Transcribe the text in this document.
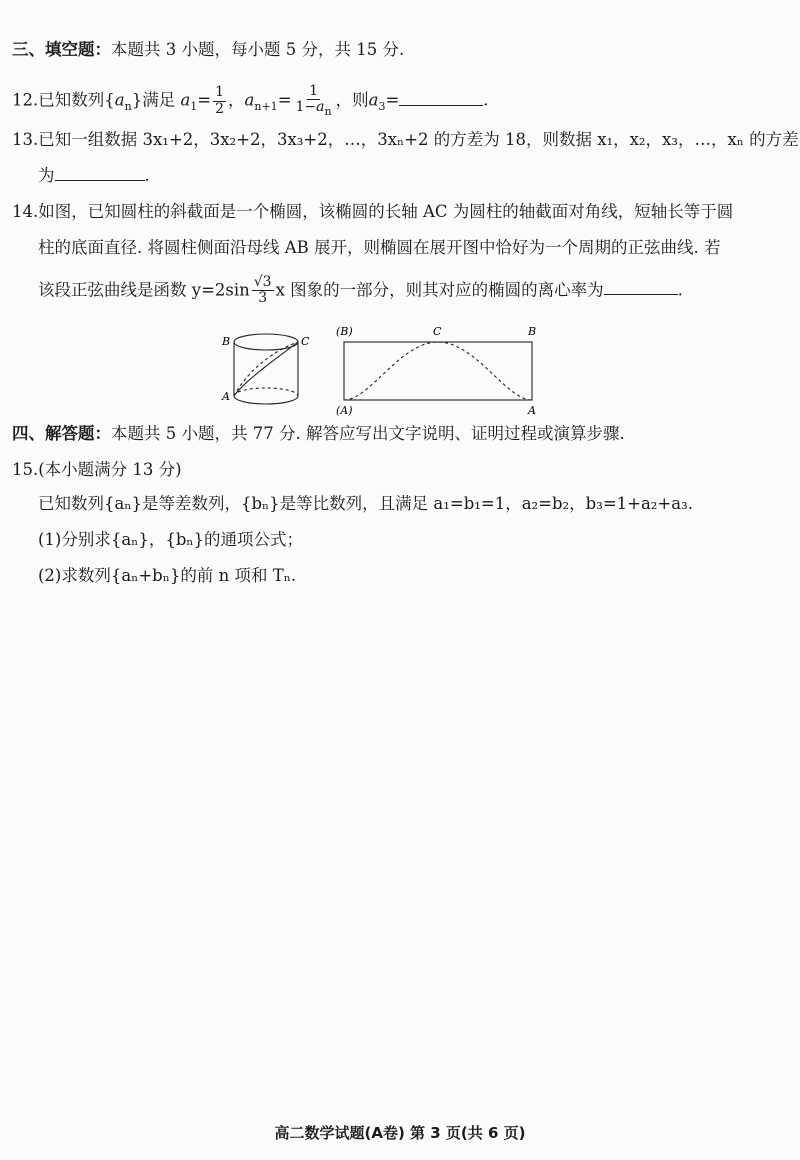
三、填空题：本题共 3 小题，每小题 5 分，共 15 分.
12.已知数列$\{a_n\}$满足 $a_1= \frac{1}{2}$ ，$a_{n+1}= \frac{1}{1-a_n}$ ，则$a_3=$	.
13.已知一组数据 3x₁+2，3x₂+2，3x₃+2，…，3xₙ+2 的方差为 18，则数据 x₁，x₂，x₃，…，xₙ 的方差
为	.
14.如图，已知圆柱的斜截面是一个椭圆，该椭圆的长轴 AC 为圆柱的轴截面对角线，短轴长等于圆
柱的底面直径. 将圆柱侧面沿母线 AB 展开，则椭圆在展开图中恰好为一个周期的正弦曲线. 若
该段正弦曲线是函数 $y=2\sin \frac{√3}{3}$ x 图象的一部分，则其对应的椭圆的离心率为	.
B	C
A
(B)	C	B
(A)	A
四、解答题：本题共 5 小题，共 77 分. 解答应写出文字说明、证明过程或演算步骤.
15.(本小题满分 13 分)
已知数列{aₙ}是等差数列，{bₙ}是等比数列，且满足 a₁=b₁=1，a₂=b₂，b₃=1+a₂+a₃.
(1)分别求{aₙ}，{bₙ}的通项公式；
(2)求数列{aₙ+bₙ}的前 n 项和 Tₙ.
高二数学试题(A卷) 第 3 页(共 6 页)
